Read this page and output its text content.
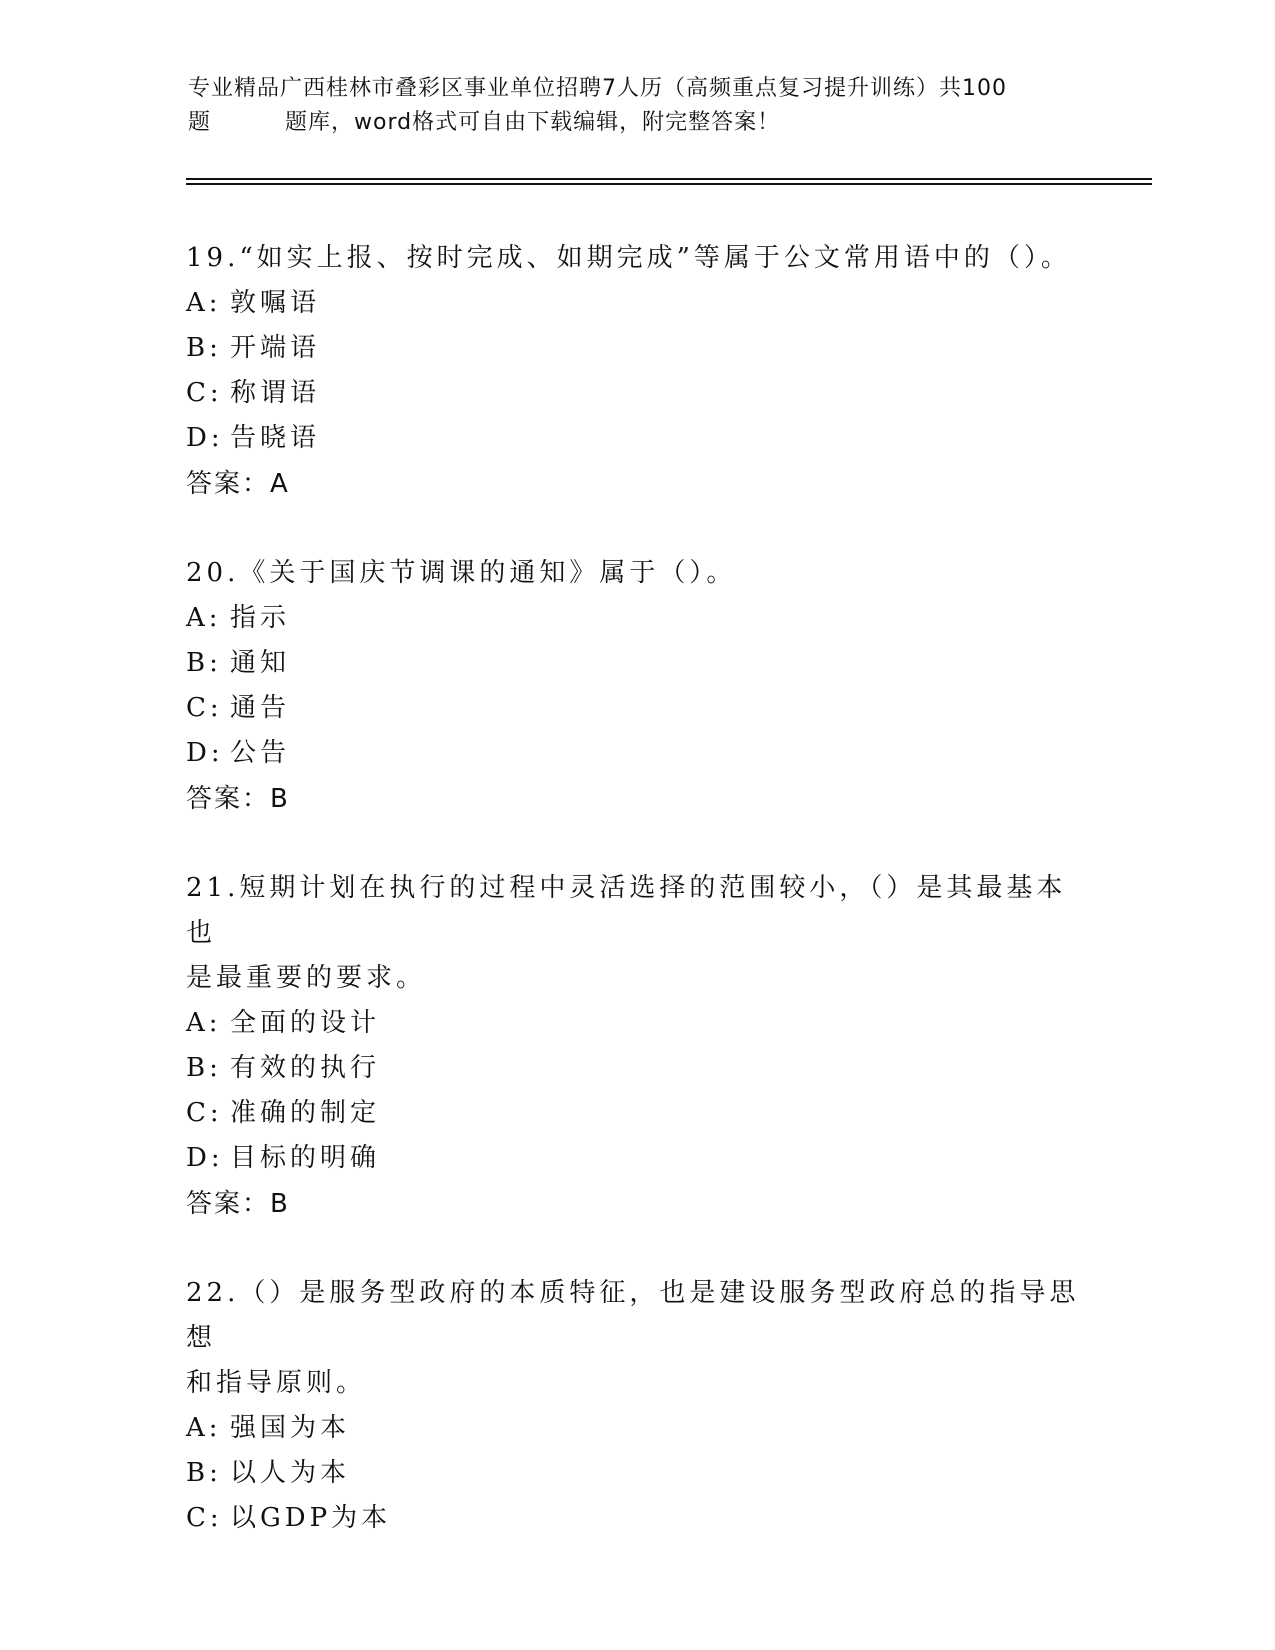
专业精品广西桂林市叠彩区事业单位招聘7人历（高频重点复习提升训练）共100
题	题库，word格式可自由下载编辑，附完整答案！

19.“如实上报、按时完成、如期完成”等属于公文常用语中的（）。

A: 敦嘱语

B: 开端语

C: 称谓语

D: 告晓语

答案：A

20.《关于国庆节调课的通知》属于（）。

A: 指示

B: 通知

C: 通告

D: 公告

答案：B

21.短期计划在执行的过程中灵活选择的范围较小，（）是其最基本也

是最重要的要求。

A: 全面的设计

B: 有效的执行

C: 准确的制定

D: 目标的明确

答案：B

22.（）是服务型政府的本质特征，也是建设服务型政府总的指导思想

和指导原则。

A: 强国为本

B: 以人为本

C: 以GDP为本
